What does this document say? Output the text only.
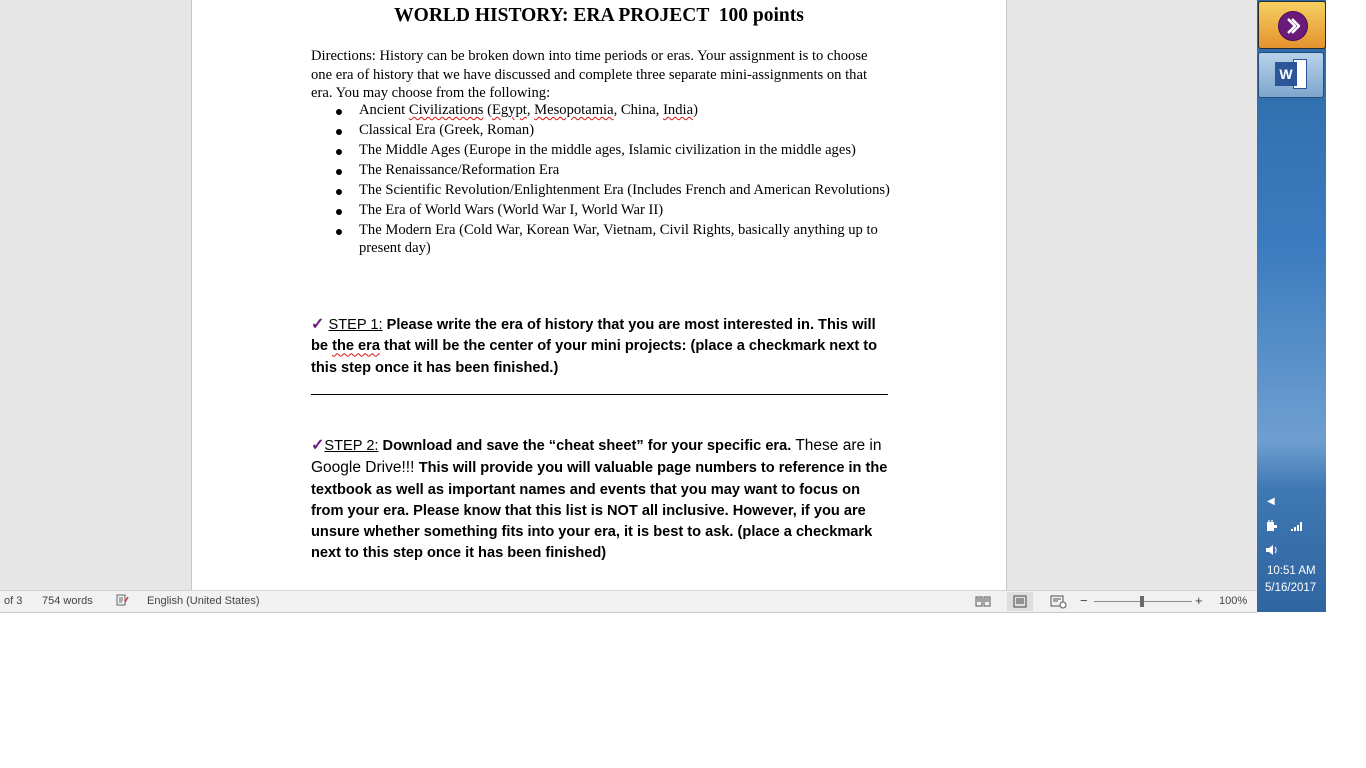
WORLD HISTORY: ERA PROJECT  100 points
Directions: History can be broken down into time periods or eras. Your assignment is to choose one era of history that we have discussed and complete three separate mini-assignments on that era. You may choose from the following:
Ancient Civilizations (Egypt, Mesopotamia, China, India)
Classical Era (Greek, Roman)
The Middle Ages (Europe in the middle ages, Islamic civilization in the middle ages)
The Renaissance/Reformation Era
The Scientific Revolution/Enlightenment Era (Includes French and American Revolutions)
The Era of World Wars (World War I, World War II)
The Modern Era (Cold War, Korean War, Vietnam, Civil Rights, basically anything up to present day)
✓ STEP 1: Please write the era of history that you are most interested in. This will be the era that will be the center of your mini projects: (place a checkmark next to this step once it has been finished.)
✓STEP 2: Download and save the “cheat sheet” for your specific era. These are in Google Drive!!! This will provide you will valuable page numbers to reference in the textbook as well as important names and events that you may want to focus on from your era. Please know that this list is NOT all inclusive. However, if you are unsure whether something fits into your era, it is best to ask. (place a checkmark next to this step once it has been finished)
of 3 754 words	English (United States)	−	+ 100%
W
◀
10:51 AM
5/16/2017
